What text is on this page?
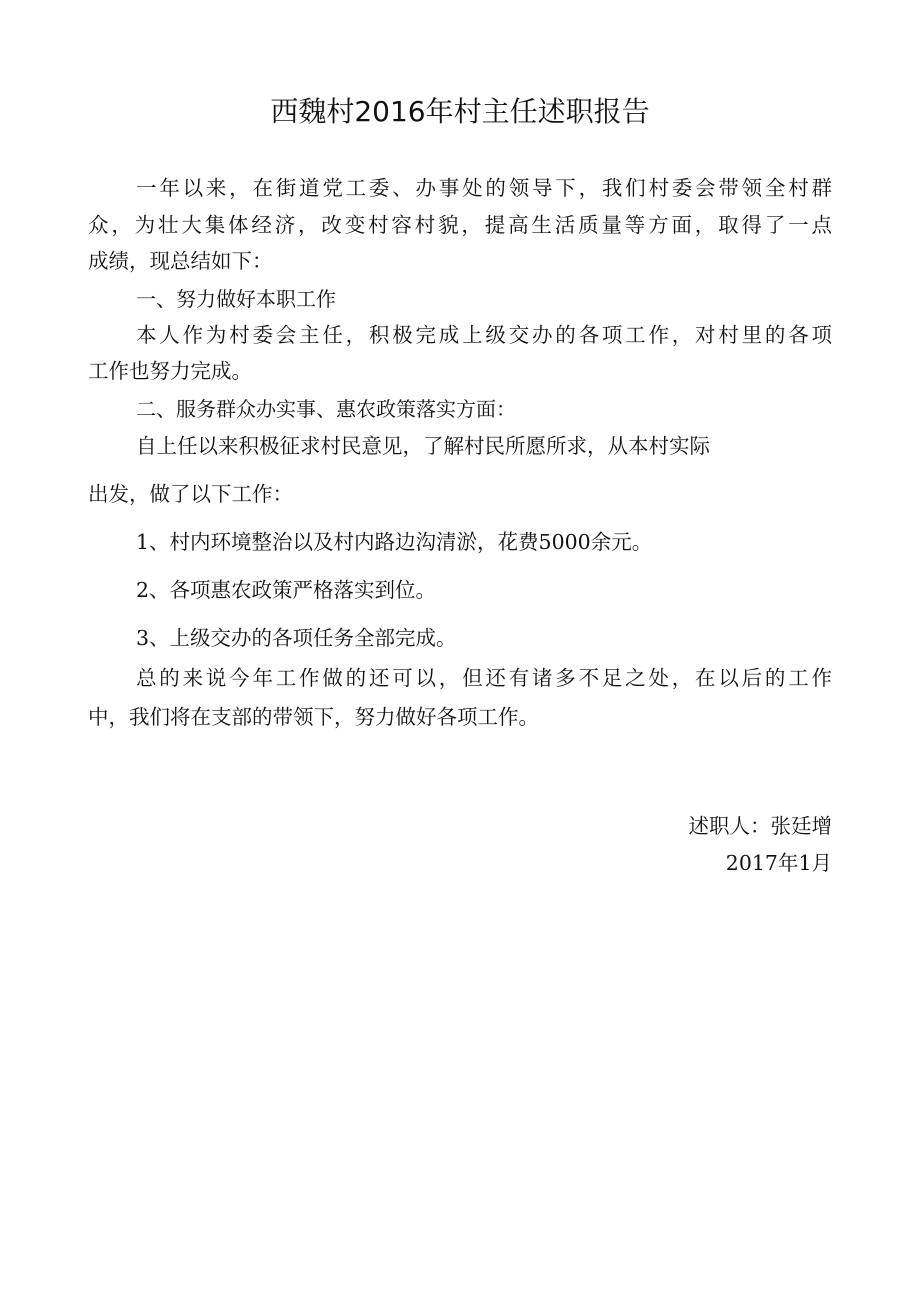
西魏村2016年村主任述职报告
一年以来，在街道党工委、办事处的领导下，我们村委会带领全村群
众，为壮大集体经济，改变村容村貌，提高生活质量等方面，取得了一点
成绩，现总结如下：
一、努力做好本职工作
本人作为村委会主任，积极完成上级交办的各项工作，对村里的各项
工作也努力完成。
二、服务群众办实事、惠农政策落实方面：
自上任以来积极征求村民意见，了解村民所愿所求，从本村实际
出发，做了以下工作：
1、村内环境整治以及村内路边沟清淤，花费5000余元。
2、各项惠农政策严格落实到位。
3、上级交办的各项任务全部完成。
总的来说今年工作做的还可以，但还有诸多不足之处，在以后的工作
中，我们将在支部的带领下，努力做好各项工作。
述职人：张廷增
2017年1月
